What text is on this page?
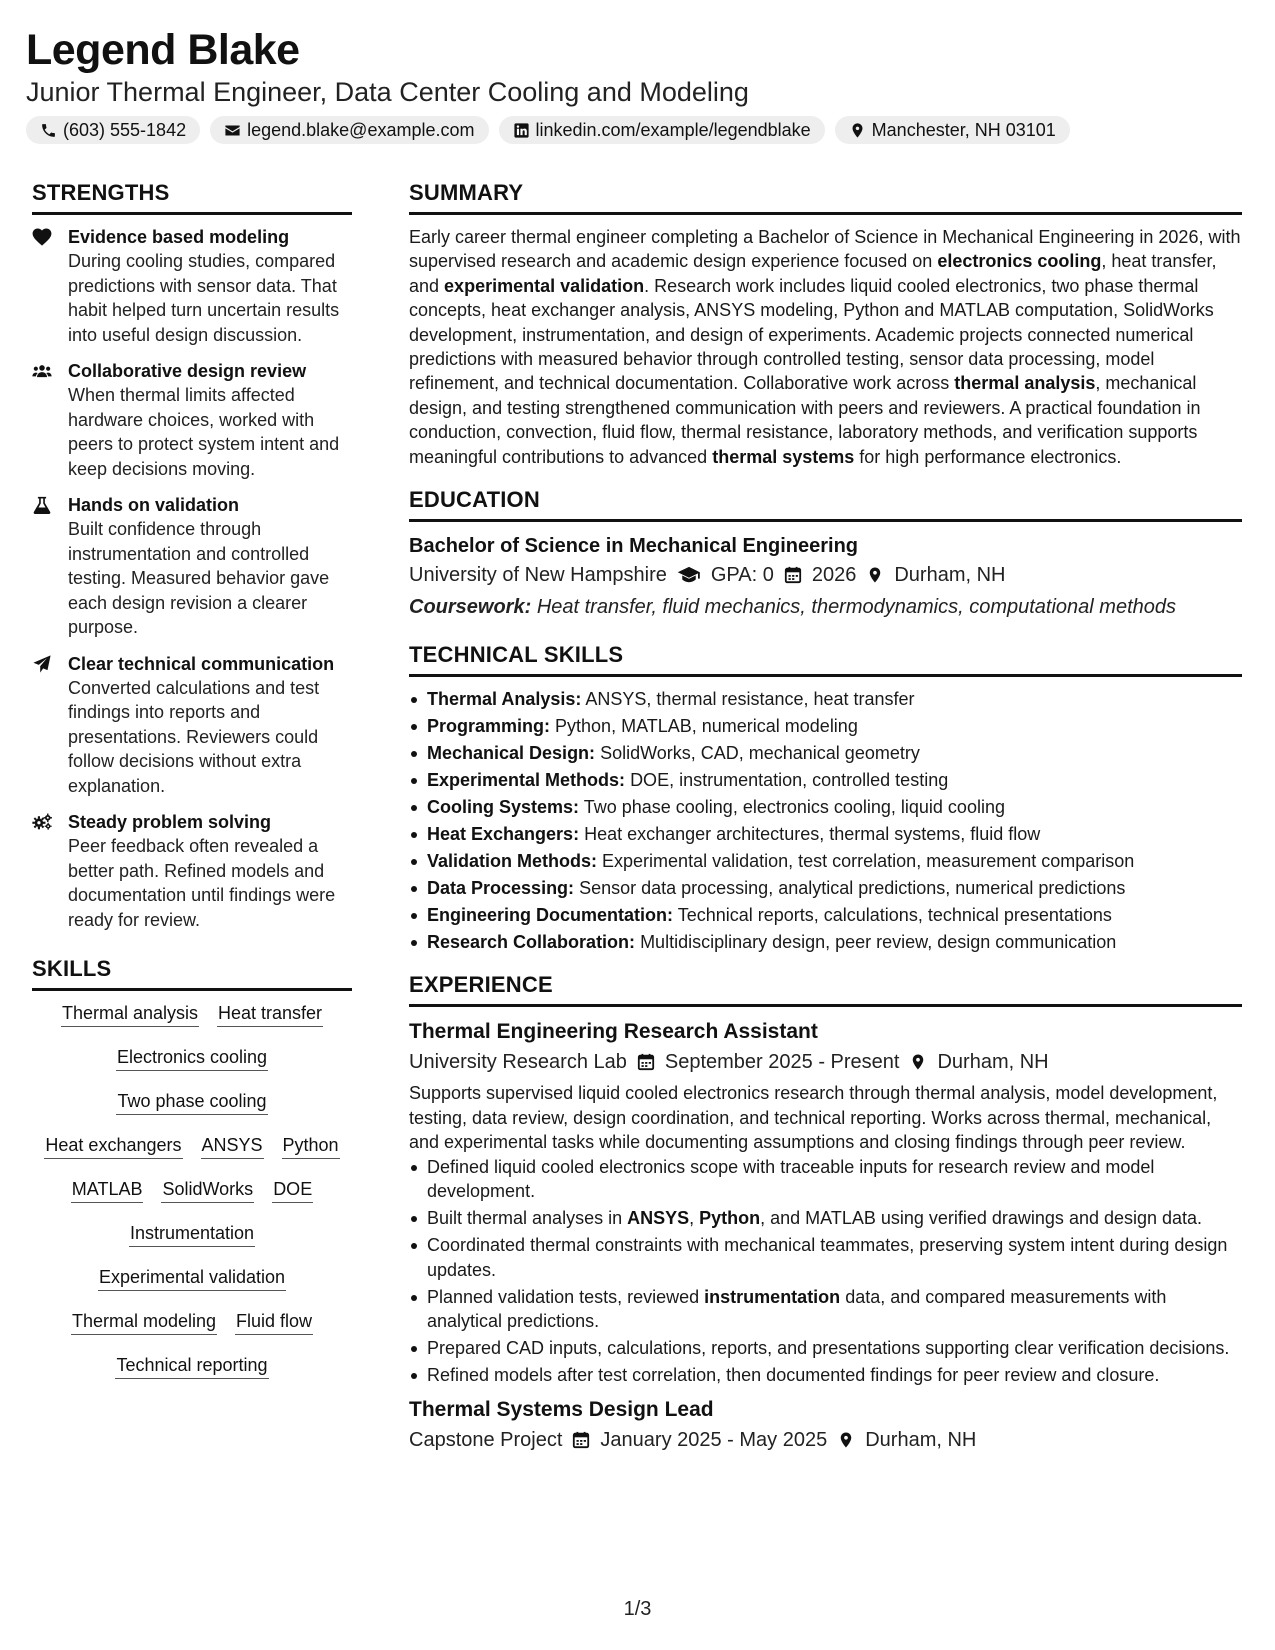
Legend Blake
Junior Thermal Engineer, Data Center Cooling and Modeling
(603) 555-1842	legend.blake@example.com	linkedin.com/example/legendblake	Manchester, NH 03101
STRENGTHS
Evidence based modeling
During cooling studies, compared predictions with sensor data. That habit helped turn uncertain results into useful design discussion.
Collaborative design review
When thermal limits affected hardware choices, worked with peers to protect system intent and keep decisions moving.
Hands on validation
Built confidence through instrumentation and controlled testing. Measured behavior gave each design revision a clearer purpose.
Clear technical communication
Converted calculations and test findings into reports and presentations. Reviewers could follow decisions without extra explanation.
Steady problem solving
Peer feedback often revealed a better path. Refined models and documentation until findings were ready for review.
SKILLS
Thermal analysis Heat transfer
Electronics cooling
Two phase cooling
Heat exchangers ANSYS Python
MATLAB SolidWorks DOE
Instrumentation
Experimental validation
Thermal modeling Fluid flow
Technical reporting
SUMMARY
Early career thermal engineer completing a Bachelor of Science in Mechanical Engineering in 2026, with supervised research and academic design experience focused on electronics cooling, heat transfer, and experimental validation. Research work includes liquid cooled electronics, two phase thermal concepts, heat exchanger analysis, ANSYS modeling, Python and MATLAB computation, SolidWorks development, instrumentation, and design of experiments. Academic projects connected numerical predictions with measured behavior through controlled testing, sensor data processing, model refinement, and technical documentation. Collaborative work across thermal analysis, mechanical design, and testing strengthened communication with peers and reviewers. A practical foundation in conduction, convection, fluid flow, thermal resistance, laboratory methods, and verification supports meaningful contributions to advanced thermal systems for high performance electronics.
EDUCATION
Bachelor of Science in Mechanical Engineering
University of New Hampshire GPA: 0 2026 Durham, NH
Coursework: Heat transfer, fluid mechanics, thermodynamics, computational methods
TECHNICAL SKILLS
Thermal Analysis: ANSYS, thermal resistance, heat transfer
Programming: Python, MATLAB, numerical modeling
Mechanical Design: SolidWorks, CAD, mechanical geometry
Experimental Methods: DOE, instrumentation, controlled testing
Cooling Systems: Two phase cooling, electronics cooling, liquid cooling
Heat Exchangers: Heat exchanger architectures, thermal systems, fluid flow
Validation Methods: Experimental validation, test correlation, measurement comparison
Data Processing: Sensor data processing, analytical predictions, numerical predictions
Engineering Documentation: Technical reports, calculations, technical presentations
Research Collaboration: Multidisciplinary design, peer review, design communication
EXPERIENCE
Thermal Engineering Research Assistant
University Research Lab September 2025 - Present Durham, NH
Supports supervised liquid cooled electronics research through thermal analysis, model development, testing, data review, design coordination, and technical reporting. Works across thermal, mechanical, and experimental tasks while documenting assumptions and closing findings through peer review.
Defined liquid cooled electronics scope with traceable inputs for research review and model development.
Built thermal analyses in ANSYS, Python, and MATLAB using verified drawings and design data.
Coordinated thermal constraints with mechanical teammates, preserving system intent during design updates.
Planned validation tests, reviewed instrumentation data, and compared measurements with analytical predictions.
Prepared CAD inputs, calculations, reports, and presentations supporting clear verification decisions.
Refined models after test correlation, then documented findings for peer review and closure.
Thermal Systems Design Lead
Capstone Project January 2025 - May 2025 Durham, NH
1/3
